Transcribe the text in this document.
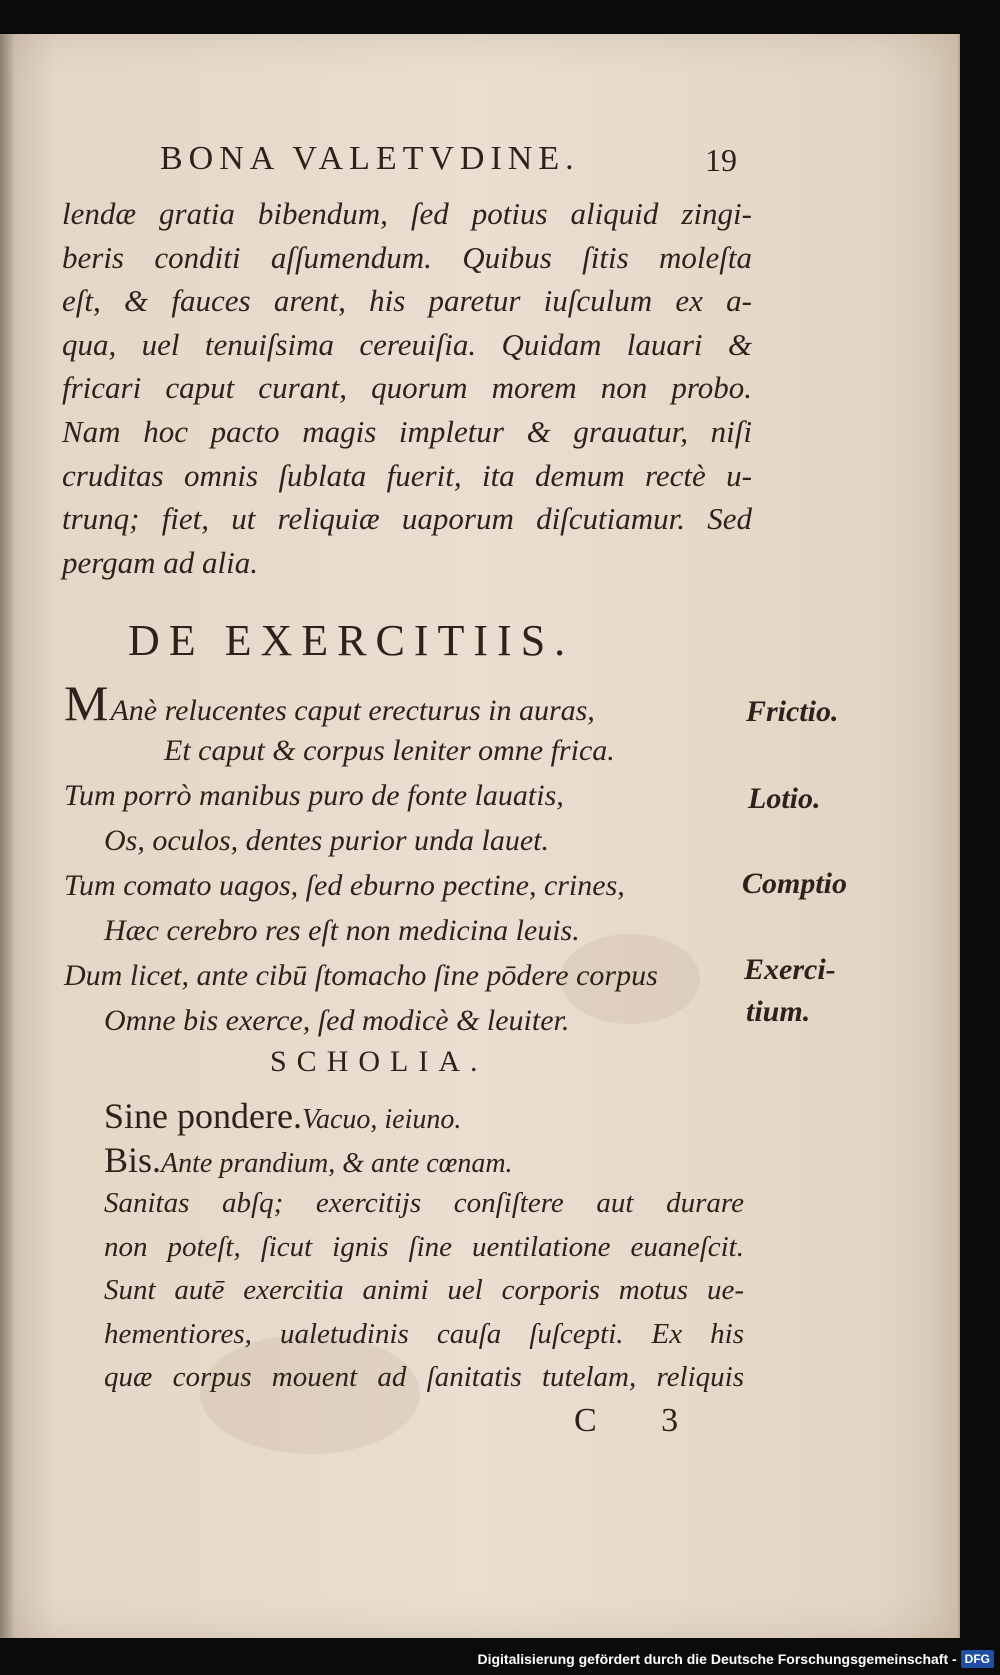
BONA VALETVDINE.	19
lendæ gratia bibendum, ſed potius aliquid zingi-
beris conditi aſſumendum. Quibus ſitis moleſta
eſt, & fauces arent, his paretur iuſculum ex a-
qua, uel tenuiſsima cereuiſia. Quidam lauari &
fricari caput curant, quorum morem non probo.
Nam hoc pacto magis impletur & grauatur, niſi
cruditas omnis ſublata fuerit, ita demum rectè u-
trunq; fiet, ut reliquiæ uaporum diſcutiamur. Sed
pergam ad alia.
DE EXERCITIIS.
MAnè relucentes caput erecturus in auras,
Et caput & corpus leniter omne frica.
Tum porrò manibus puro de fonte lauatis,
Os, oculos, dentes purior unda lauet.
Tum comato uagos, ſed eburno pectine, crines,
Hæc cerebro res eſt non medicina leuis.
Dum licet, ante cibū ſtomacho ſine pōdere corpus
Omne bis exerce, ſed modicè & leuiter.
Frictio.
Lotio.
Comptio
Exerci-
tium.
SCHOLIA.
Sine pondere.Vacuo, ieiuno.
Bis.Ante prandium, & ante cœnam.
Sanitas abſq; exercitijs conſiſtere aut durare
non poteſt, ſicut ignis ſine uentilatione euaneſcit.
Sunt autē exercitia animi uel corporis motus ue-
hementiores, ualetudinis cauſa ſuſcepti. Ex his
quæ corpus mouent ad ſanitatis tutelam, reliquis
C 3
Digitalisierung gefördert durch die Deutsche Forschungsgemeinschaft - DFG
